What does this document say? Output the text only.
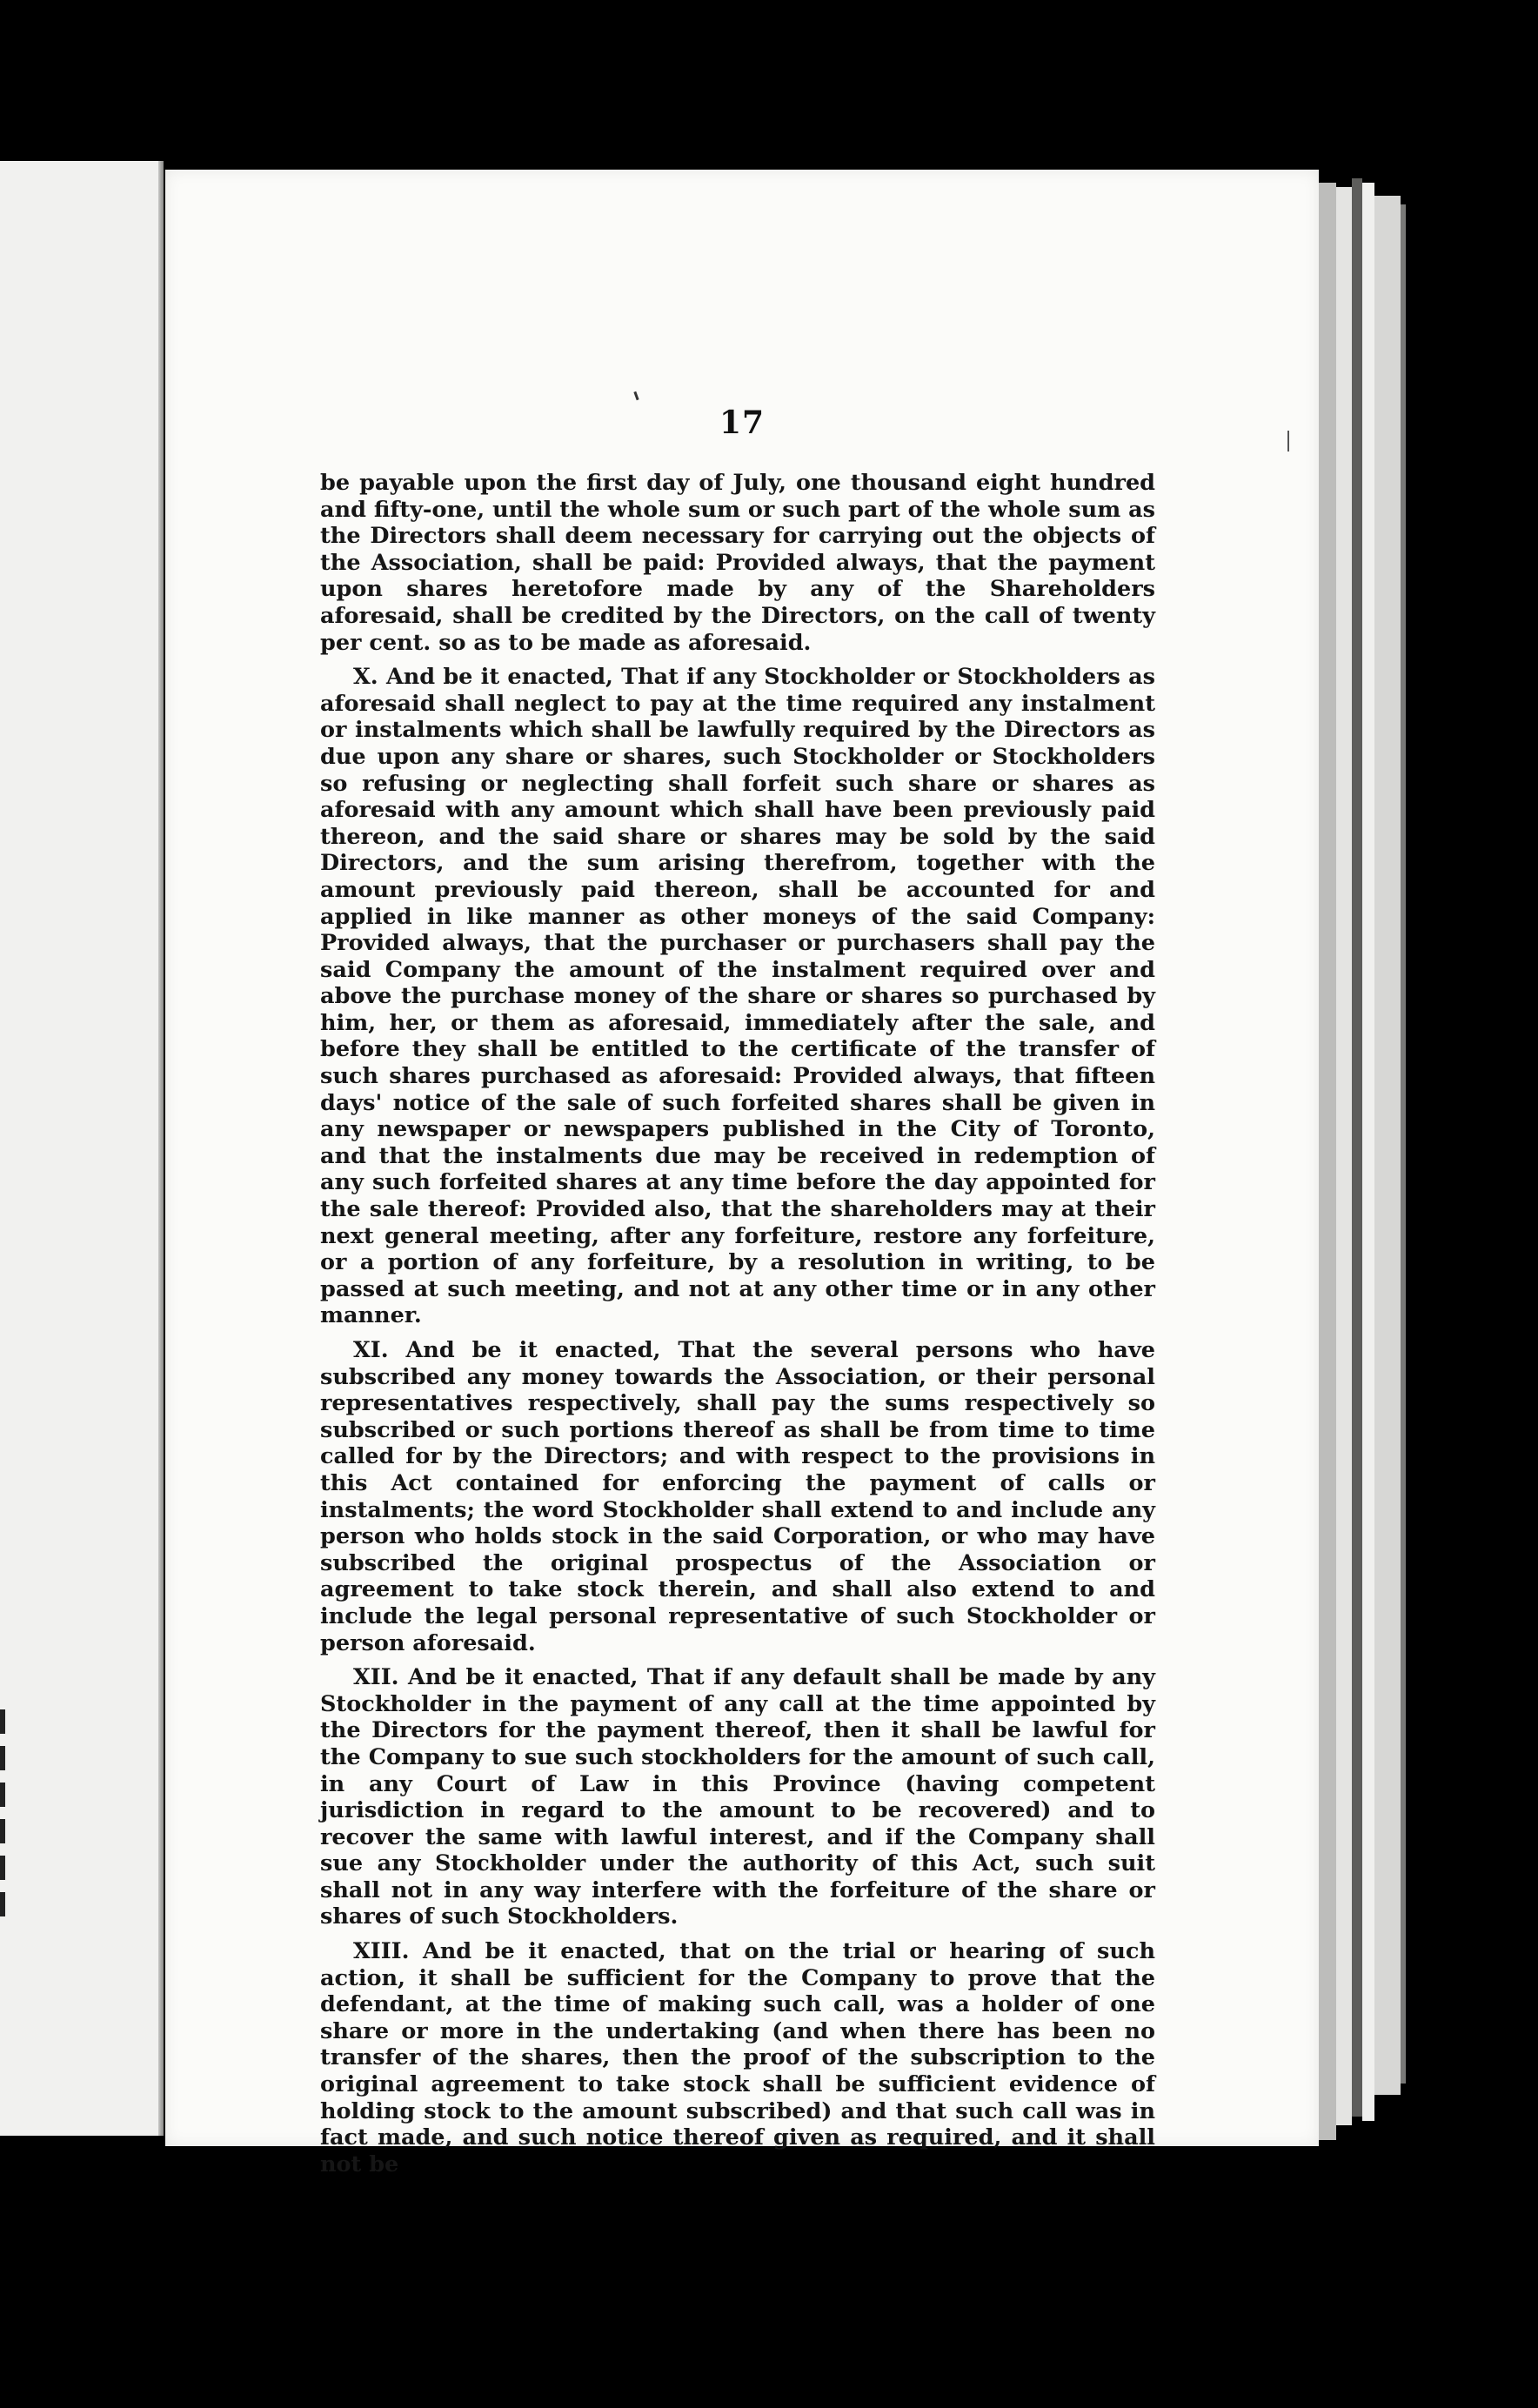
17

be payable upon the first day of July, one thousand eight hundred and fifty-one, until the whole sum or such part of the whole sum as the Directors shall deem necessary for carrying out the objects of the Association, shall be paid: Provided always, that the payment upon shares heretofore made by any of the Shareholders aforesaid, shall be credited by the Directors, on the call of twenty per cent. so as to be made as aforesaid.

X. And be it enacted, That if any Stockholder or Stockholders as aforesaid shall neglect to pay at the time required any instalment or instalments which shall be lawfully required by the Directors as due upon any share or shares, such Stockholder or Stockholders so refusing or neglecting shall forfeit such share or shares as aforesaid with any amount which shall have been previously paid thereon, and the said share or shares may be sold by the said Directors, and the sum arising therefrom, together with the amount previously paid thereon, shall be accounted for and applied in like manner as other moneys of the said Company: Provided always, that the purchaser or purchasers shall pay the said Company the amount of the instalment required over and above the purchase money of the share or shares so purchased by him, her, or them as aforesaid, immediately after the sale, and before they shall be entitled to the certificate of the transfer of such shares purchased as aforesaid: Provided always, that fifteen days' notice of the sale of such forfeited shares shall be given in any newspaper or newspapers published in the City of Toronto, and that the instalments due may be received in redemption of any such forfeited shares at any time before the day appointed for the sale thereof: Provided also, that the shareholders may at their next general meeting, after any forfeiture, restore any forfeiture, or a portion of any forfeiture, by a resolution in writing, to be passed at such meeting, and not at any other time or in any other manner.

XI. And be it enacted, That the several persons who have subscribed any money towards the Association, or their personal representatives respectively, shall pay the sums respectively so subscribed or such portions thereof as shall be from time to time called for by the Directors; and with respect to the provisions in this Act contained for enforcing the payment of calls or instalments; the word Stockholder shall extend to and include any person who holds stock in the said Corporation, or who may have subscribed the original prospectus of the Association or agreement to take stock therein, and shall also extend to and include the legal personal representative of such Stockholder or person aforesaid.

XII. And be it enacted, That if any default shall be made by any Stockholder in the payment of any call at the time appointed by the Directors for the payment thereof, then it shall be lawful for the Company to sue such stockholders for the amount of such call, in any Court of Law in this Province (having competent jurisdiction in regard to the amount to be recovered) and to recover the same with lawful interest, and if the Company shall sue any Stockholder under the authority of this Act, such suit shall not in any way interfere with the forfeiture of the share or shares of such Stockholders.

XIII. And be it enacted, that on the trial or hearing of such action, it shall be sufficient for the Company to prove that the defendant, at the time of making such call, was a holder of one share or more in the undertaking (and when there has been no transfer of the shares, then the proof of the subscription to the original agreement to take stock shall be sufficient evidence of holding stock to the amount subscribed) and that such call was in fact made, and such notice thereof given as required, and it shall not be
